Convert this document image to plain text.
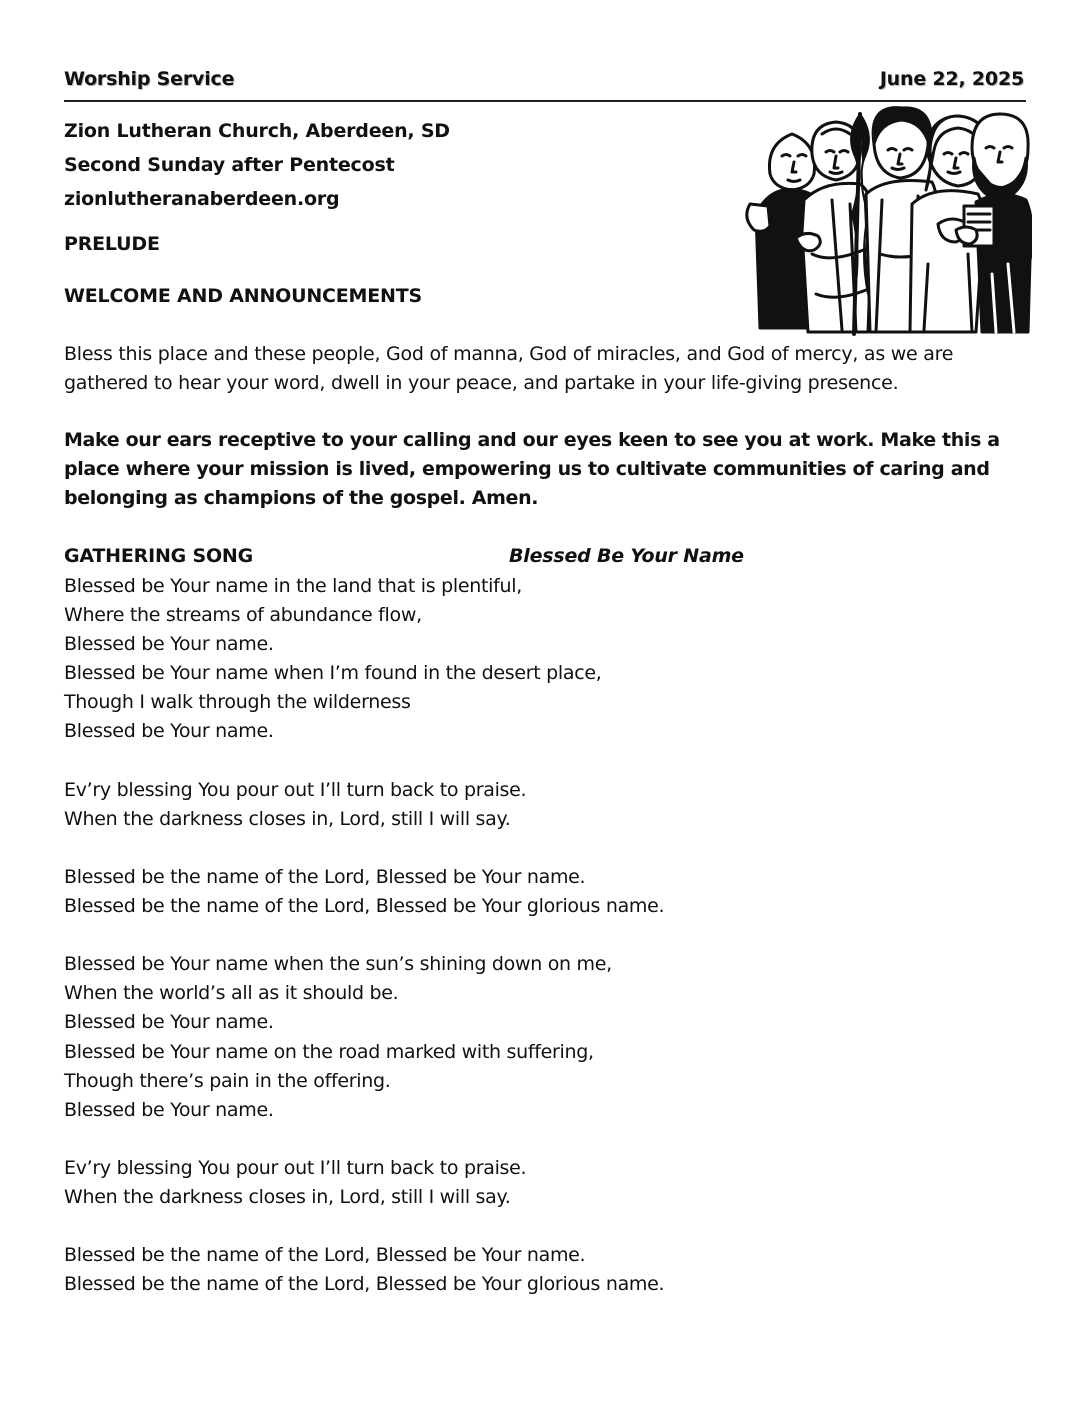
Worship Service	June 22, 2025
Zion Lutheran Church, Aberdeen, SD
Second Sunday after Pentecost
zionlutheranaberdeen.org
PRELUDE
WELCOME AND ANNOUNCEMENTS
Bless this place and these people, God of manna, God of miracles, and God of mercy, as we are gathered to hear your word, dwell in your peace, and partake in your life-giving presence.
Make our ears receptive to your calling and our eyes keen to see you at work. Make this a place where your mission is lived, empowering us to cultivate communities of caring and belonging as champions of the gospel. Amen.
GATHERING SONG	Blessed Be Your Name
Blessed be Your name in the land that is plentiful,
Where the streams of abundance flow,
Blessed be Your name.
Blessed be Your name when I’m found in the desert place,
Though I walk through the wilderness
Blessed be Your name.
Ev’ry blessing You pour out I’ll turn back to praise.
When the darkness closes in, Lord, still I will say.
Blessed be the name of the Lord, Blessed be Your name.
Blessed be the name of the Lord, Blessed be Your glorious name.
Blessed be Your name when the sun’s shining down on me,
When the world’s all as it should be.
Blessed be Your name.
Blessed be Your name on the road marked with suffering,
Though there’s pain in the offering.
Blessed be Your name.
Ev’ry blessing You pour out I’ll turn back to praise.
When the darkness closes in, Lord, still I will say.
Blessed be the name of the Lord, Blessed be Your name.
Blessed be the name of the Lord, Blessed be Your glorious name.
